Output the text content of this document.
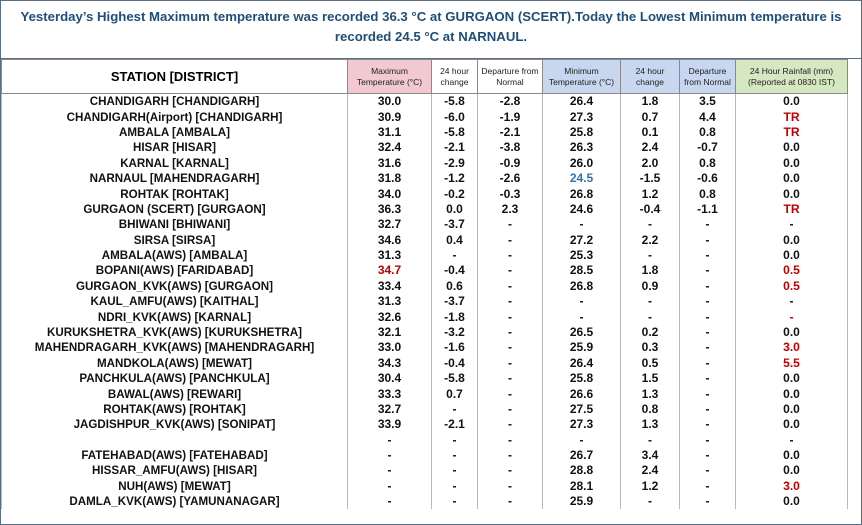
Yesterday’s Highest Maximum temperature was recorded 36.3 °C at GURGAON (SCERT).Today the Lowest Minimum temperature is recorded 24.5 °C at NARNAUL.
STATION [DISTRICT]	Maximum Temperature (°C)	24 hour change	Departure from Normal	Minimum Temperature (°C)	24 hour change	Departure from Normal	24 Hour Rainfall (mm) (Reported at 0830 IST)
CHANDIGARH [CHANDIGARH]	30.0	-5.8	-2.8	26.4	1.8	3.5	0.0
CHANDIGARH(Airport) [CHANDIGARH]	30.9	-6.0	-1.9	27.3	0.7	4.4	TR
AMBALA [AMBALA]	31.1	-5.8	-2.1	25.8	0.1	0.8	TR
HISAR [HISAR]	32.4	-2.1	-3.8	26.3	2.4	-0.7	0.0
KARNAL [KARNAL]	31.6	-2.9	-0.9	26.0	2.0	0.8	0.0
NARNAUL [MAHENDRAGARH]	31.8	-1.2	-2.6	24.5	-1.5	-0.6	0.0
ROHTAK [ROHTAK]	34.0	-0.2	-0.3	26.8	1.2	0.8	0.0
GURGAON (SCERT) [GURGAON]	36.3	0.0	2.3	24.6	-0.4	-1.1	TR
BHIWANI [BHIWANI]	32.7	-3.7	-	-	-	-	-
SIRSA [SIRSA]	34.6	0.4	-	27.2	2.2	-	0.0
AMBALA(AWS) [AMBALA]	31.3	-	-	25.3	-	-	0.0
BOPANI(AWS) [FARIDABAD]	34.7	-0.4	-	28.5	1.8	-	0.5
GURGAON_KVK(AWS) [GURGAON]	33.4	0.6	-	26.8	0.9	-	0.5
KAUL_AMFU(AWS) [KAITHAL]	31.3	-3.7	-	-	-	-	-
NDRI_KVK(AWS) [KARNAL]	32.6	-1.8	-	-	-	-	-
KURUKSHETRA_KVK(AWS) [KURUKSHETRA]	32.1	-3.2	-	26.5	0.2	-	0.0
MAHENDRAGARH_KVK(AWS) [MAHENDRAGARH]	33.0	-1.6	-	25.9	0.3	-	3.0
MANDKOLA(AWS) [MEWAT]	34.3	-0.4	-	26.4	0.5	-	5.5
PANCHKULA(AWS) [PANCHKULA]	30.4	-5.8	-	25.8	1.5	-	0.0
BAWAL(AWS) [REWARI]	33.3	0.7	-	26.6	1.3	-	0.0
ROHTAK(AWS) [ROHTAK]	32.7	-	-	27.5	0.8	-	0.0
JAGDISHPUR_KVK(AWS) [SONIPAT]	33.9	-2.1	-	27.3	1.3	-	0.0
	-	-	-	-	-	-	-
FATEHABAD(AWS) [FATEHABAD]	-	-	-	26.7	3.4	-	0.0
HISSAR_AMFU(AWS) [HISAR]	-	-	-	28.8	2.4	-	0.0
NUH(AWS) [MEWAT]	-	-	-	28.1	1.2	-	3.0
DAMLA_KVK(AWS) [YAMUNANAGAR]	-	-	-	25.9	-	-	0.0
